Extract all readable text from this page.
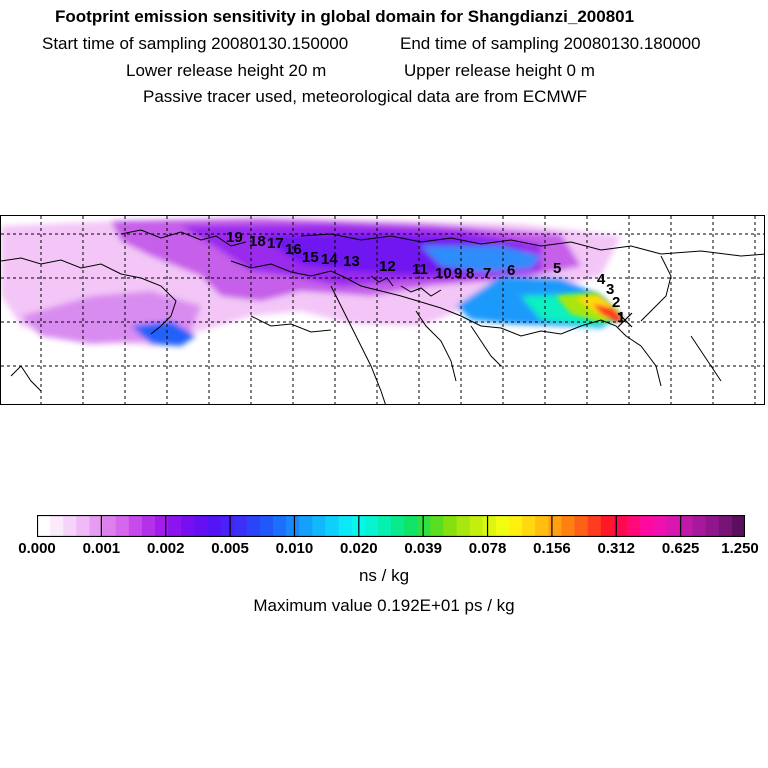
Footprint emission sensitivity in global domain for Shangdianzi_200801
Start time of sampling 20080130.150000	End time of sampling 20080130.180000
Lower release height 20 m	Upper release height 0 m
Passive tracer used, meteorological data are from ECMWF
1
2
3
4
5
6
7
8
9
10
11
12
13
14
15
16
17
18
19
0.000 0.001 0.002 0.005 0.010 0.020 0.039 0.078 0.156 0.312 0.625 1.250
ns / kg
Maximum value 0.192E+01 ps / kg
